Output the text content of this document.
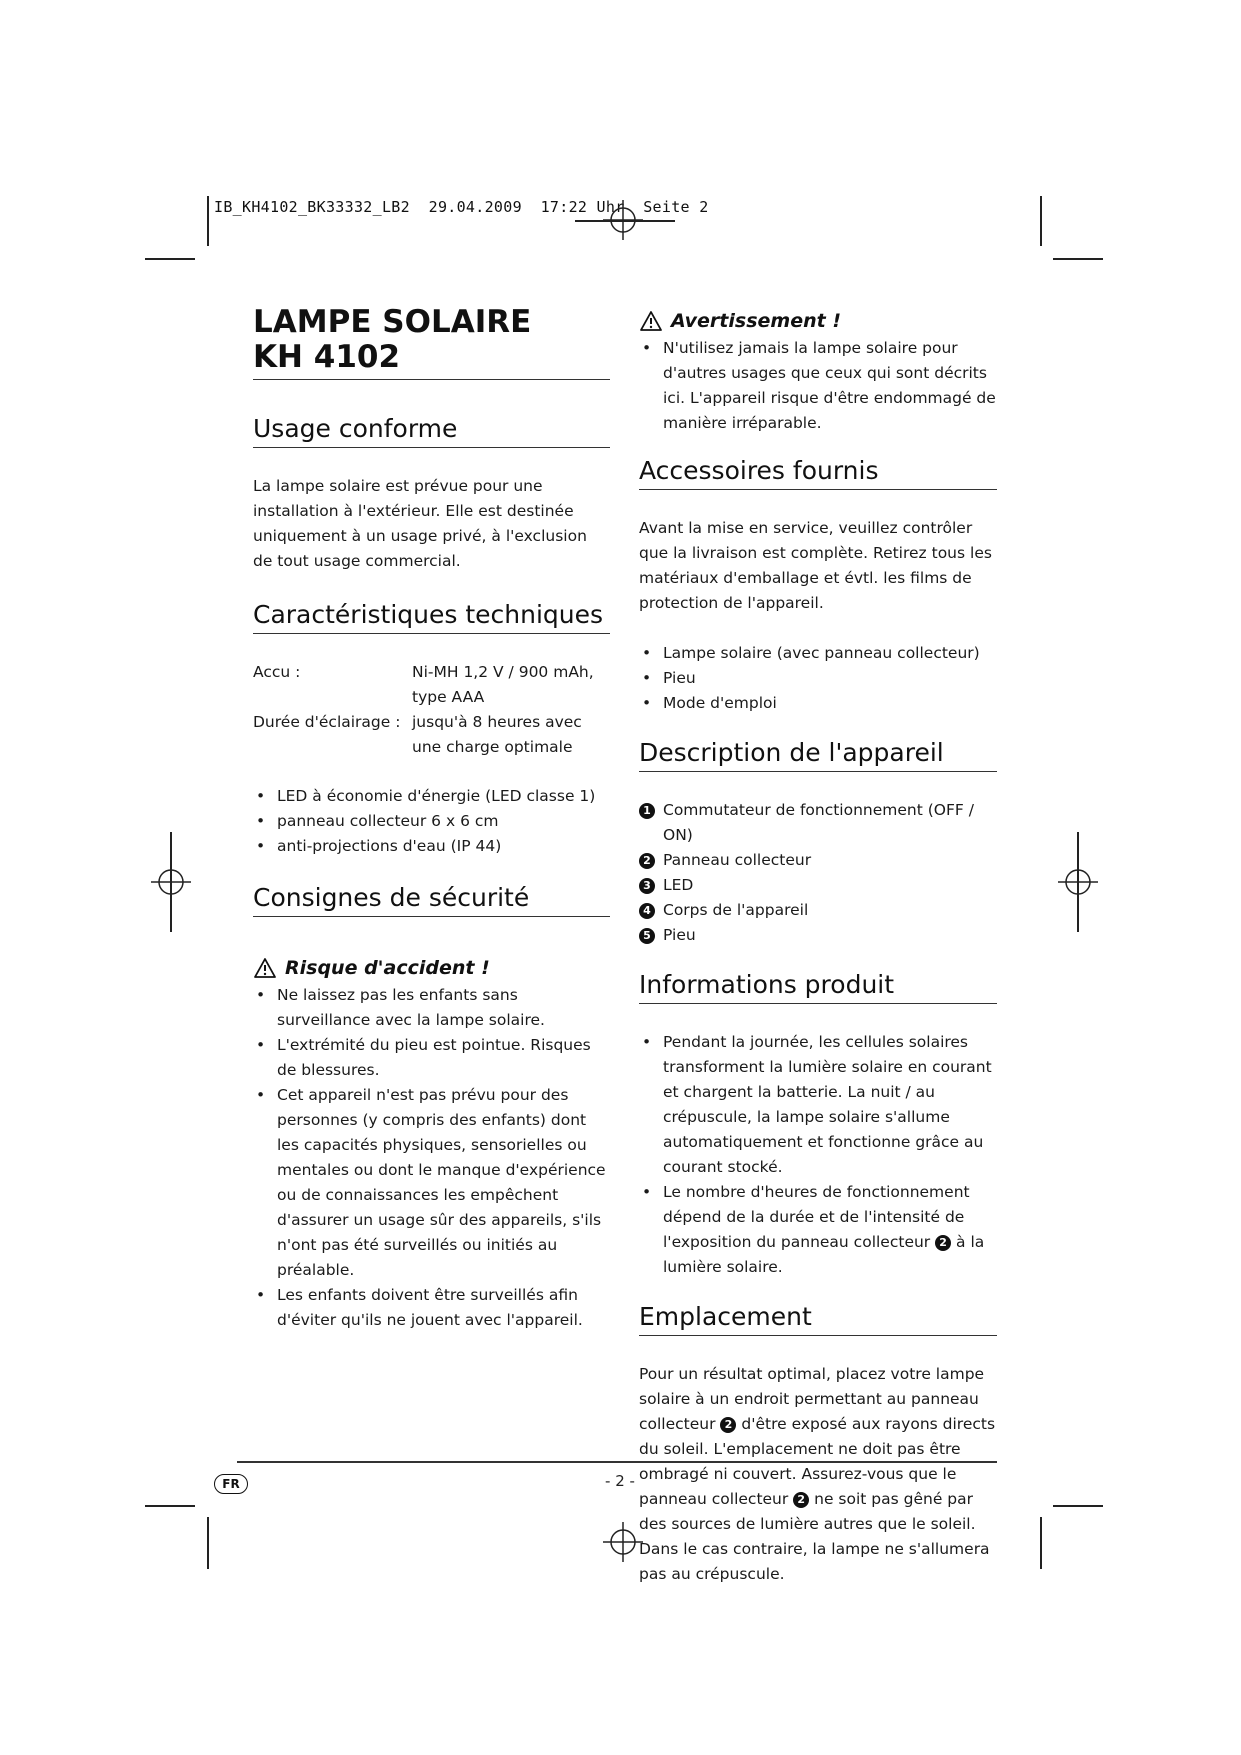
IB_KH4102_BK33332_LB2  29.04.2009  17:22 Uhr  Seite 2
LAMPE SOLAIRE
KH 4102
Usage conforme

La lampe solaire est prévue pour une installation à l'extérieur. Elle est destinée uniquement à un usage privé, à l'exclusion de tout usage commercial.

Caractéristiques techniques
Accu :	Ni-MH 1,2 V / 900 mAh, type AAA
Durée d'éclairage : jusqu'à 8 heures avec une charge optimale
• LED à économie d'énergie (LED classe 1)
• panneau collecteur 6 x 6 cm
• anti-projections d'eau (IP 44)
Consignes de sécurité
Risque d'accident !
• Ne laissez pas les enfants sans surveillance avec la lampe solaire.
• L'extrémité du pieu est pointue. Risques de blessures.
• Cet appareil n'est pas prévu pour des personnes (y compris des enfants) dont les capacités physiques, sensorielles ou mentales ou dont le manque d'expérience ou de connaissances les empêchent d'assurer un usage sûr des appareils, s'ils n'ont pas été surveillés ou initiés au préalable.
• Les enfants doivent être surveillés afin d'éviter qu'ils ne jouent avec l'appareil.
Avertissement !
• N'utilisez jamais la lampe solaire pour d'autres usages que ceux qui sont décrits ici. L'appareil risque d'être endommagé de manière irréparable.
Accessoires fournis

Avant la mise en service, veuillez contrôler que la livraison est complète. Retirez tous les matériaux d'emballage et évtl. les films de protection de l'appareil.

• Lampe solaire (avec panneau collecteur)
• Pieu
• Mode d'emploi
Description de l'appareil
1 Commutateur de fonctionnement (OFF / ON)
2 Panneau collecteur
3 LED
4 Corps de l'appareil
5 Pieu
Informations produit
• Pendant la journée, les cellules solaires transforment la lumière solaire en courant et chargent la batterie. La nuit / au crépuscule, la lampe solaire s'allume automatiquement et fonctionne grâce au courant stocké.
• Le nombre d'heures de fonctionnement dépend de la durée et de l'intensité de l'exposition du panneau collecteur 2 à la lumière solaire.
Emplacement

Pour un résultat optimal, placez votre lampe solaire à un endroit permettant au panneau collecteur 2 d'être exposé aux rayons directs du soleil. L'emplacement ne doit pas être ombragé ni couvert. Assurez-vous que le panneau collecteur 2 ne soit pas gêné par des sources de lumière autres que le soleil. Dans le cas contraire, la lampe ne s'allumera pas au crépuscule.

FR	- 2 -
